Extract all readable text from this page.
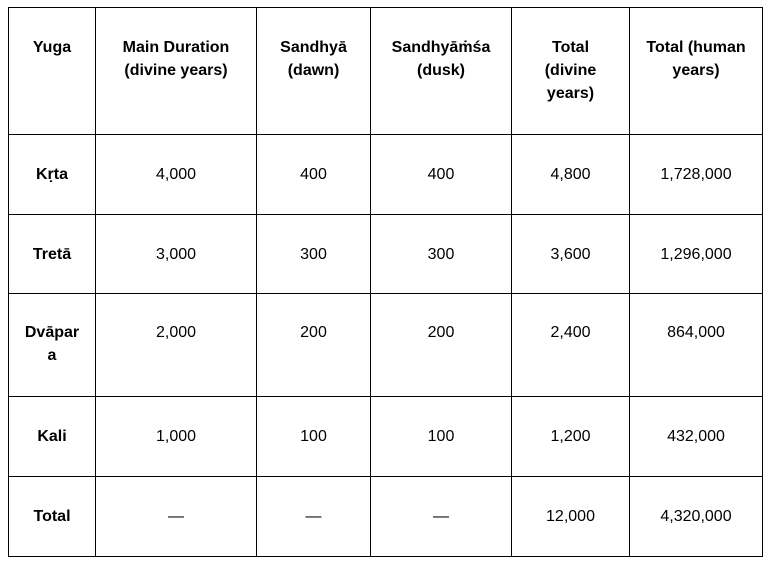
Yuga	Main Duration (divine years)	Sandhyā (dawn)	Sandhyāṁśa (dusk)	Total (divine years)	Total (human years)
Kṛta	4,000	400	400	4,800	1,728,000
Tretā	3,000	300	300	3,600	1,296,000
Dvāpara	2,000	200	200	2,400	864,000
Kali	1,000	100	100	1,200	432,000
Total	—	—	—	12,000	4,320,000
